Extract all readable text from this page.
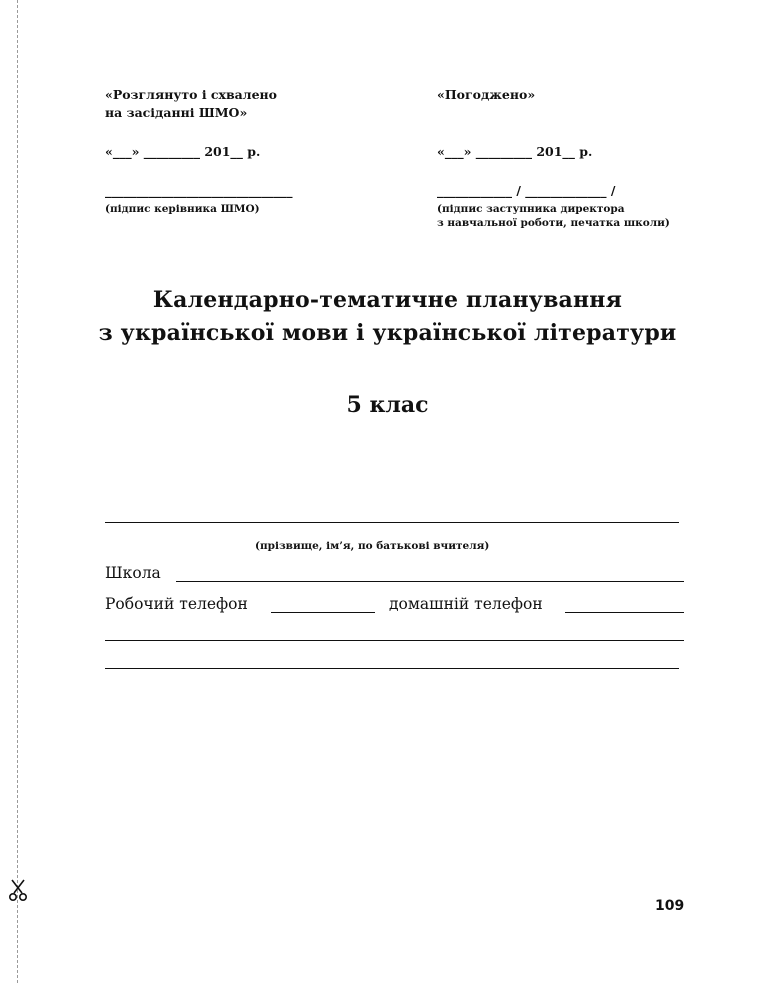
«Розглянуто і схвалено
на засіданні ШМО»
«___» _________ 201__ р.
______________________________
(підпис керівника ШМО)
«Погоджено»
«___» _________ 201__ р.
____________ / _____________ /
(підпис заступника директора
з навчальної роботи, печатка школи)
Календарно-тематичне планування
з української мови і української літератури
5 клас
(прізвище, ім’я, по батькові вчителя)
Школа
Робочий телефон	домашній телефон
109
